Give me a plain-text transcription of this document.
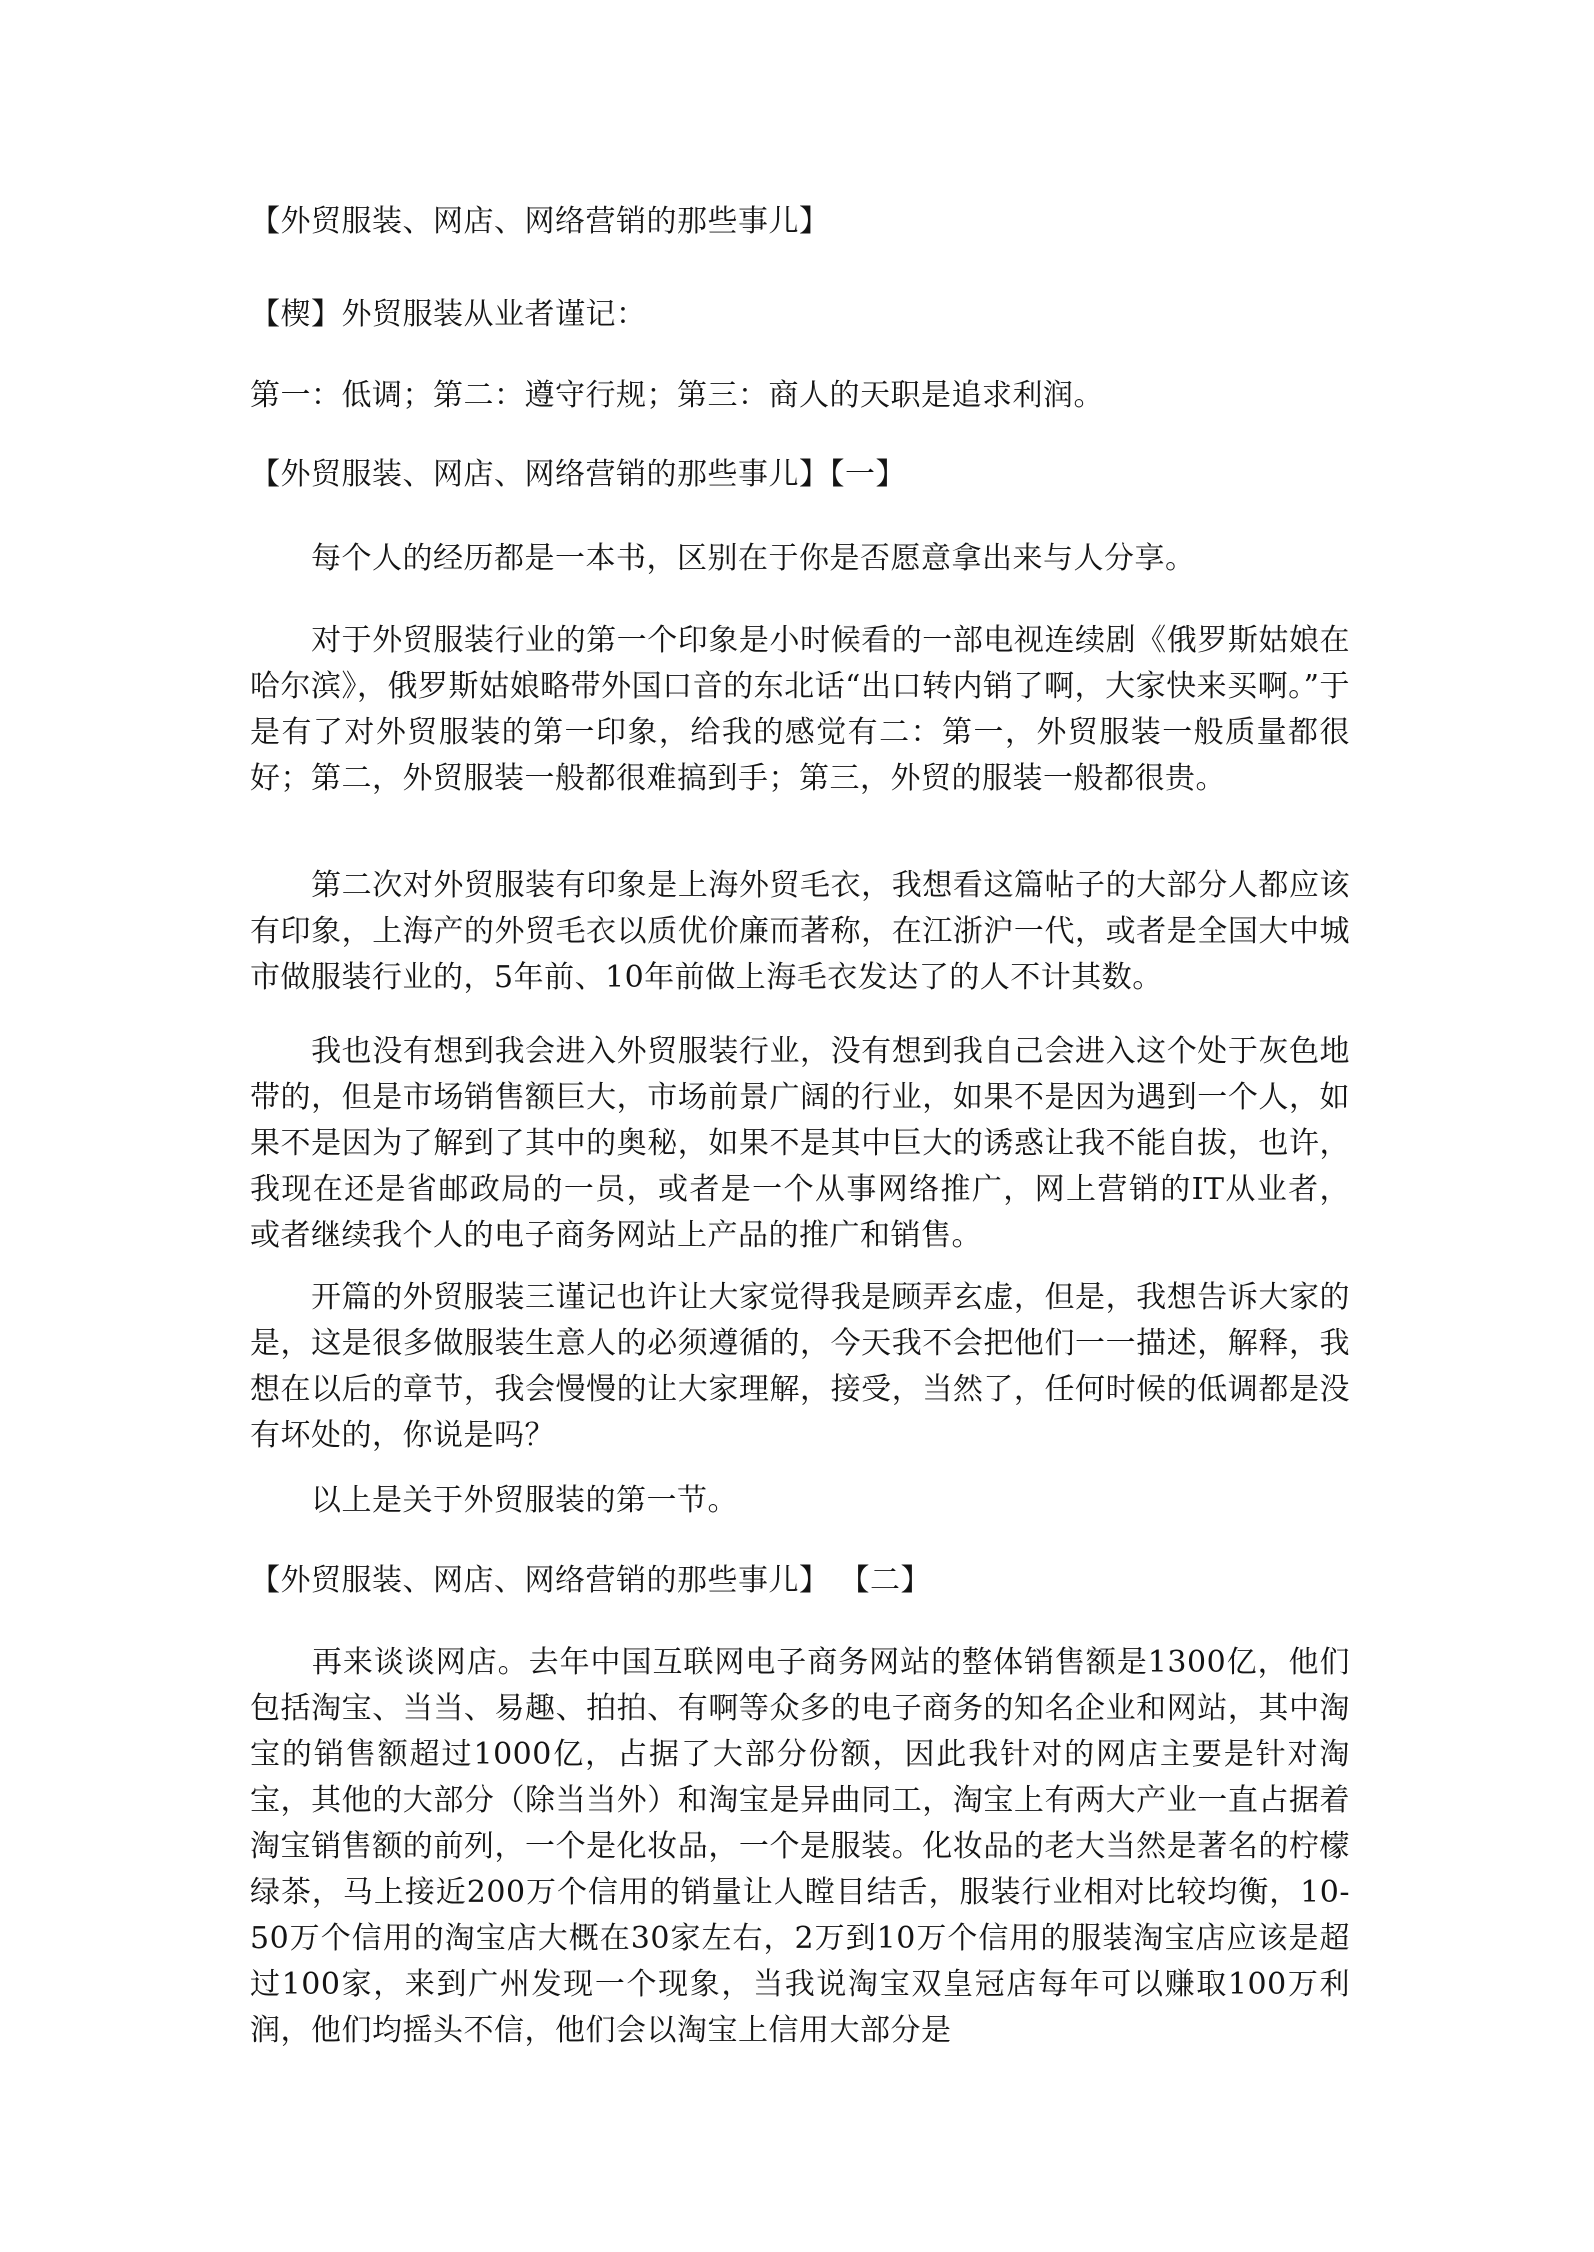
【外贸服装、网店、网络营销的那些事儿】

【楔】外贸服装从业者谨记：

第一：低调；第二：遵守行规；第三：商人的天职是追求利润。

【外贸服装、网店、网络营销的那些事儿】【一】

　　每个人的经历都是一本书，区别在于你是否愿意拿出来与人分享。

　　对于外贸服装行业的第一个印象是小时候看的一部电视连续剧《俄罗斯姑娘在哈尔滨》，俄罗斯姑娘略带外国口音的东北话“出口转内销了啊，大家快来买啊。”于是有了对外贸服装的第一印象，给我的感觉有二：第一，外贸服装一般质量都很好；第二，外贸服装一般都很难搞到手；第三，外贸的服装一般都很贵。

　　第二次对外贸服装有印象是上海外贸毛衣，我想看这篇帖子的大部分人都应该有印象，上海产的外贸毛衣以质优价廉而著称，在江浙沪一代，或者是全国大中城市做服装行业的，5年前、10年前做上海毛衣发达了的人不计其数。

　　我也没有想到我会进入外贸服装行业，没有想到我自己会进入这个处于灰色地带的，但是市场销售额巨大，市场前景广阔的行业，如果不是因为遇到一个人，如果不是因为了解到了其中的奥秘，如果不是其中巨大的诱惑让我不能自拔，也许，我现在还是省邮政局的一员，或者是一个从事网络推广，网上营销的IT从业者，或者继续我个人的电子商务网站上产品的推广和销售。

　　开篇的外贸服装三谨记也许让大家觉得我是顾弄玄虚，但是，我想告诉大家的是，这是很多做服装生意人的必须遵循的，今天我不会把他们一一描述，解释，我想在以后的章节，我会慢慢的让大家理解，接受，当然了，任何时候的低调都是没有坏处的，你说是吗？

　　以上是关于外贸服装的第一节。

【外贸服装、网店、网络营销的那些事儿】 【二】

　　再来谈谈网店。去年中国互联网电子商务网站的整体销售额是1300亿，他们包括淘宝、当当、易趣、拍拍、有啊等众多的电子商务的知名企业和网站，其中淘宝的销售额超过1000亿，占据了大部分份额，因此我针对的网店主要是针对淘宝，其他的大部分（除当当外）和淘宝是异曲同工，淘宝上有两大产业一直占据着淘宝销售额的前列，一个是化妆品，一个是服装。化妆品的老大当然是著名的柠檬绿茶，马上接近200万个信用的销量让人瞠目结舌，服装行业相对比较均衡，10-50万个信用的淘宝店大概在30家左右，2万到10万个信用的服装淘宝店应该是超过100家，来到广州发现一个现象，当我说淘宝双皇冠店每年可以赚取100万利润，他们均摇头不信，他们会以淘宝上信用大部分是
